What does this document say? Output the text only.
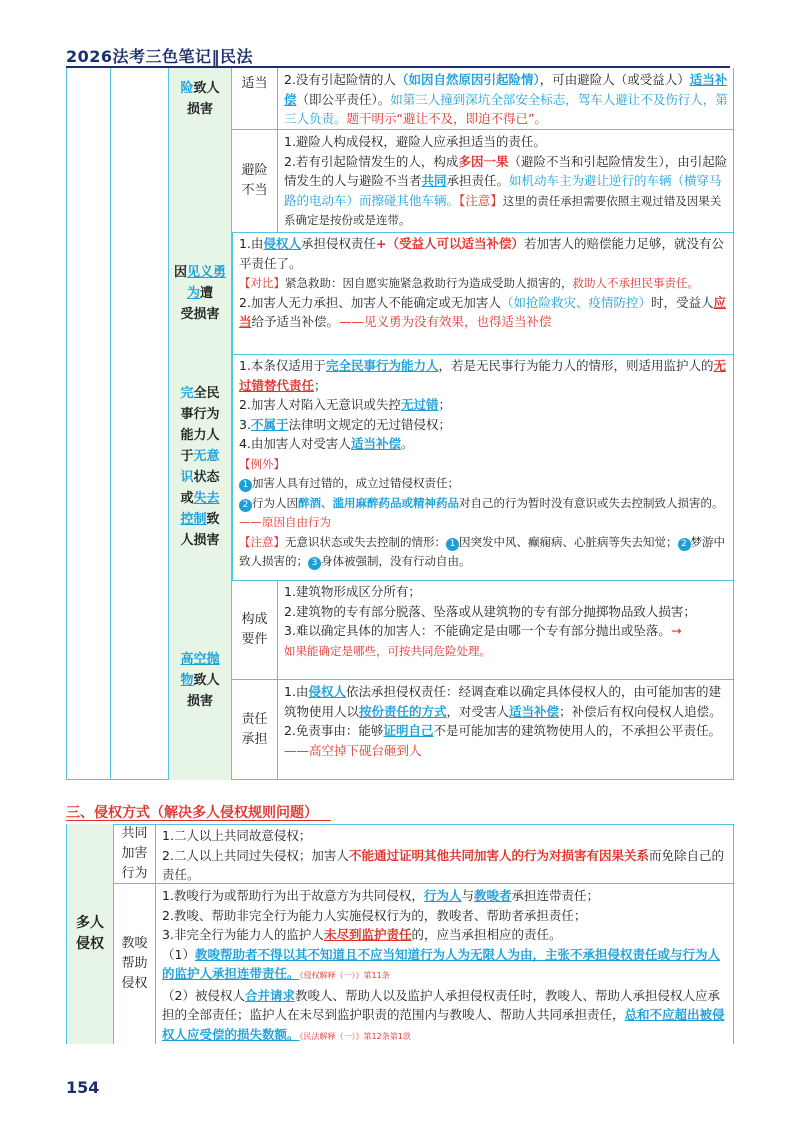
2026法考三色笔记‖民法
险致人
损害
适当	2.没有引起险情的人（如因自然原因引起险情），可由避险人（或受益人）适当补偿（即公平责任）。如第三人撞到深坑全部安全标志，驾车人避让不及伤行人，第三人负责。题干明示“避让不及，即迫不得已”。
避险
不当
1.避险人构成侵权，避险人应承担适当的责任。
2.若有引起险情发生的人，构成多因一果（避险不当和引起险情发生），由引起险情发生的人与避险不当者共同承担责任。如机动车主为避让逆行的车辆（横穿马路的电动车）而擦碰其他车辆。【注意】这里的责任承担需要依照主观过错及因果关系确定是按份或是连带。
因见义勇为遭
受损害
1.由侵权人承担侵权责任+（受益人可以适当补偿）若加害人的赔偿能力足够，就没有公平责任了。
【对比】紧急救助：因自愿实施紧急救助行为造成受助人损害的，救助人不承担民事责任。
2.加害人无力承担、加害人不能确定或无加害人（如抢险救灾、疫情防控）时，受益人应当给予适当补偿。——见义勇为没有效果，也得适当补偿
完全民
事行为
能力人
于无意
识状态
或失去
控制致
人损害
1.本条仅适用于完全民事行为能力人，若是无民事行为能力人的情形，则适用监护人的无过错替代责任；
2.加害人对陷入无意识或失控无过错；
3.不属于法律明文规定的无过错侵权；
4.由加害人对受害人适当补偿。
【例外】
1 加害人具有过错的，成立过错侵权责任；
2 行为人因醉酒、滥用麻醉药品或精神药品对自己的行为暂时没有意识或失去控制致人损害的。——原因自由行为
【注意】无意识状态或失去控制的情形： 1 因突发中风、癫痫病、心脏病等失去知觉； 2 梦游中致人损害的； 3 身体被强制，没有行动自由。
高空抛
物致人
损害
构成要件
1.建筑物形成区分所有；
2.建筑物的专有部分脱落、坠落或从建筑物的专有部分抛掷物品致人损害；
3.难以确定具体的加害人：不能确定是由哪一个专有部分抛出或坠落。→
如果能确定是哪些，可按共同危险处理。
责任承担
1.由侵权人依法承担侵权责任：经调查难以确定具体侵权人的，由可能加害的建筑物使用人以按份责任的方式，对受害人适当补偿；补偿后有权向侵权人追偿。
2.免责事由：能够证明自己不是可能加害的建筑物使用人的，不承担公平责任。——高空掉下砚台砸到人
三、侵权方式（解决多人侵权规则问题）
多人
侵权
共同
加害
行为
1.二人以上共同故意侵权；
2.二人以上共同过失侵权；加害人不能通过证明其他共同加害人的行为对损害有因果关系而免除自己的责任。
教唆
帮助
侵权
1.教唆行为或帮助行为出于故意方为共同侵权，行为人与教唆者承担连带责任；
2.教唆、帮助非完全行为能力人实施侵权行为的，教唆者、帮助者承担责任；
3.非完全行为能力人的监护人未尽到监护责任的，应当承担相应的责任。
（1）教唆帮助者不得以其不知道且不应当知道行为人为无限人为由，主张不承担侵权责任或与行为人的监护人承担连带责任。《侵权解释（一）》第11条
（2）被侵权人合并请求教唆人、帮助人以及监护人承担侵权责任时，教唆人、帮助人承担侵权人应承担的全部责任；监护人在未尽到监护职责的范围内与教唆人、帮助人共同承担责任，总和不应超出被侵权人应受偿的损失数额。《民法解释（一）》第12条第1款
154
